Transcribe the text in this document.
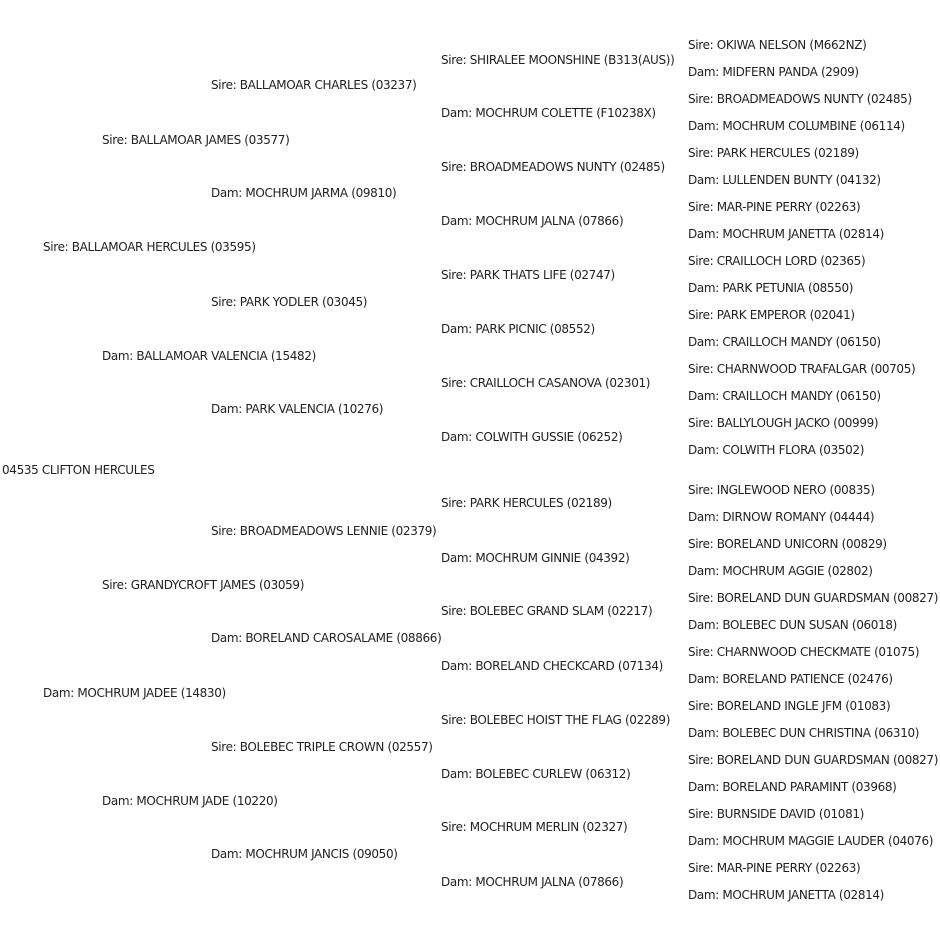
04535 CLIFTON HERCULES
Sire: BALLAMOAR HERCULES (03595)
Dam: MOCHRUM JADEE (14830)
Sire: BALLAMOAR JAMES (03577)
Dam: BALLAMOAR VALENCIA (15482)
Sire: GRANDYCROFT JAMES (03059)
Dam: MOCHRUM JADE (10220)
Sire: BALLAMOAR CHARLES (03237)
Dam: MOCHRUM JARMA (09810)
Sire: PARK YODLER (03045)
Dam: PARK VALENCIA (10276)
Sire: BROADMEADOWS LENNIE (02379)
Dam: BORELAND CAROSALAME (08866)
Sire: BOLEBEC TRIPLE CROWN (02557)
Dam: MOCHRUM JANCIS (09050)
Sire: SHIRALEE MOONSHINE (B313(AUS))
Dam: MOCHRUM COLETTE (F10238X)
Sire: BROADMEADOWS NUNTY (02485)
Dam: MOCHRUM JALNA (07866)
Sire: PARK THATS LIFE (02747)
Dam: PARK PICNIC (08552)
Sire: CRAILLOCH CASANOVA (02301)
Dam: COLWITH GUSSIE (06252)
Sire: PARK HERCULES (02189)
Dam: MOCHRUM GINNIE (04392)
Sire: BOLEBEC GRAND SLAM (02217)
Dam: BORELAND CHECKCARD (07134)
Sire: BOLEBEC HOIST THE FLAG (02289)
Dam: BOLEBEC CURLEW (06312)
Sire: MOCHRUM MERLIN (02327)
Dam: MOCHRUM JALNA (07866)
Sire: OKIWA NELSON (M662NZ)
Dam: MIDFERN PANDA (2909)
Sire: BROADMEADOWS NUNTY (02485)
Dam: MOCHRUM COLUMBINE (06114)
Sire: PARK HERCULES (02189)
Dam: LULLENDEN BUNTY (04132)
Sire: MAR-PINE PERRY (02263)
Dam: MOCHRUM JANETTA (02814)
Sire: CRAILLOCH LORD (02365)
Dam: PARK PETUNIA (08550)
Sire: PARK EMPEROR (02041)
Dam: CRAILLOCH MANDY (06150)
Sire: CHARNWOOD TRAFALGAR (00705)
Dam: CRAILLOCH MANDY (06150)
Sire: BALLYLOUGH JACKO (00999)
Dam: COLWITH FLORA (03502)
Sire: INGLEWOOD NERO (00835)
Dam: DIRNOW ROMANY (04444)
Sire: BORELAND UNICORN (00829)
Dam: MOCHRUM AGGIE (02802)
Sire: BORELAND DUN GUARDSMAN (00827)
Dam: BOLEBEC DUN SUSAN (06018)
Sire: CHARNWOOD CHECKMATE (01075)
Dam: BORELAND PATIENCE (02476)
Sire: BORELAND INGLE JFM (01083)
Dam: BOLEBEC DUN CHRISTINA (06310)
Sire: BORELAND DUN GUARDSMAN (00827)
Dam: BORELAND PARAMINT (03968)
Sire: BURNSIDE DAVID (01081)
Dam: MOCHRUM MAGGIE LAUDER (04076)
Sire: MAR-PINE PERRY (02263)
Dam: MOCHRUM JANETTA (02814)
